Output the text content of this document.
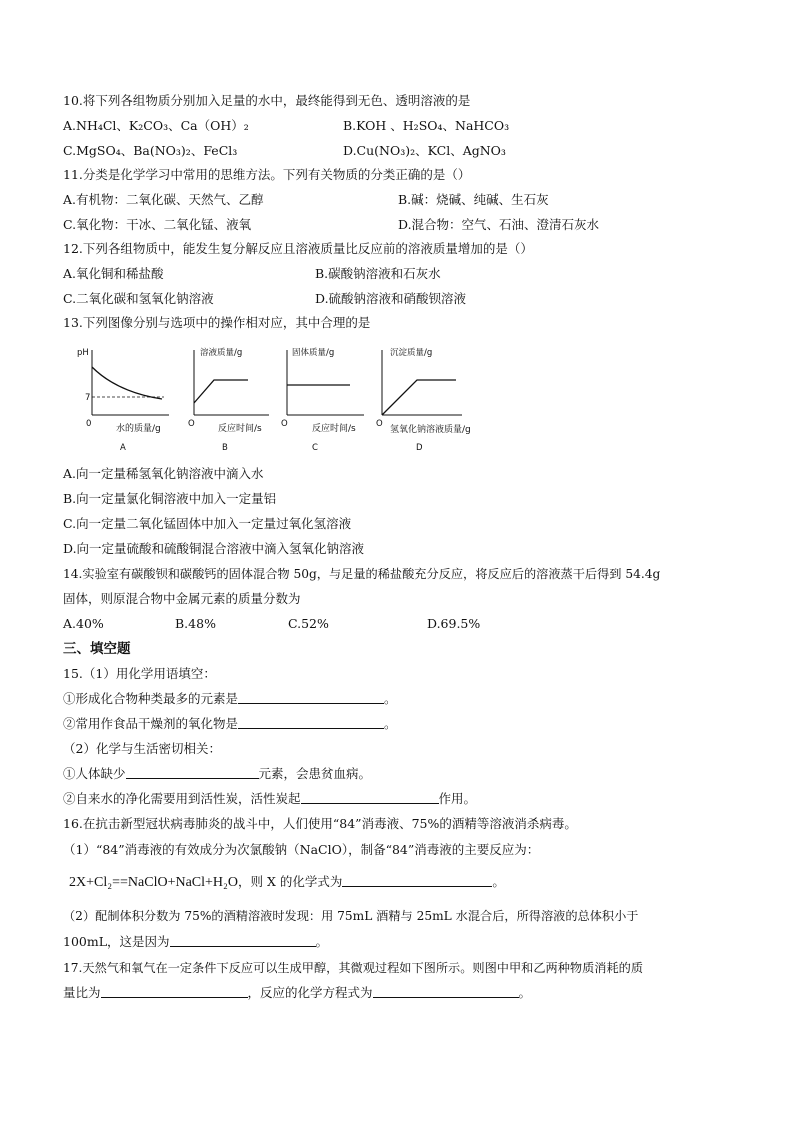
10.将下列各组物质分别加入足量的水中，最终能得到无色、透明溶液的是
A.NH₄Cl、K₂CO₃、Ca（OH）₂	B.KOH 、H₂SO₄、NaHCO₃
C.MgSO₄、Ba(NO₃)₂、FeCl₃	D.Cu(NO₃)₂、KCl、AgNO₃
11.分类是化学学习中常用的思维方法。下列有关物质的分类正确的是（）
A.有机物：二氧化碳、天然气、乙醇	B.碱：烧碱、纯碱、生石灰
C.氧化物：干冰、二氧化锰、液氧	D.混合物：空气、石油、澄清石灰水
12.下列各组物质中，能发生复分解反应且溶液质量比反应前的溶液质量增加的是（）
A.氧化铜和稀盐酸	B.碳酸钠溶液和石灰水
C.二氧化碳和氢氧化钠溶液	D.硫酸钠溶液和硝酸钡溶液
13.下列图像分别与选项中的操作相对应，其中合理的是
pH
7
0	水的质量/g
A
溶液质量/g
O	反应时间/s
B
固体质量/g
O	反应时间/s
C
沉淀质量/g
O
氢氧化钠溶液质量/g
D
A.向一定量稀氢氧化钠溶液中滴入水
B.向一定量氯化铜溶液中加入一定量铝
C.向一定量二氧化锰固体中加入一定量过氧化氢溶液
D.向一定量硫酸和硫酸铜混合溶液中滴入氢氧化钠溶液
14.实验室有碳酸钡和碳酸钙的固体混合物 50g，与足量的稀盐酸充分反应，将反应后的溶液蒸干后得到 54.4g
固体，则原混合物中金属元素的质量分数为
A.40%	B.48%	C.52%	D.69.5%
三、填空题
15.（1）用化学用语填空：
①形成化合物种类最多的元素是	。
②常用作食品干燥剂的氧化物是	。
（2）化学与生活密切相关：
①人体缺少	元素，会患贫血病。
②自来水的净化需要用到活性炭，活性炭起	作用。
16.在抗击新型冠状病毒肺炎的战斗中，人们使用“84”消毒液、75%的酒精等溶液消杀病毒。
（1）“84”消毒液的有效成分为次氯酸钠（NaClO），制备“84”消毒液的主要反应为：
2X+Cl₂==NaClO+NaCl+H₂O，则 X 的化学式为	。
（2）配制体积分数为 75%的酒精溶液时发现：用 75mL 酒精与 25mL 水混合后，所得溶液的总体积小于
100mL，这是因为	。
17.天然气和氧气在一定条件下反应可以生成甲醇，其微观过程如下图所示。则图中甲和乙两种物质消耗的质
量比为	，反应的化学方程式为	。
